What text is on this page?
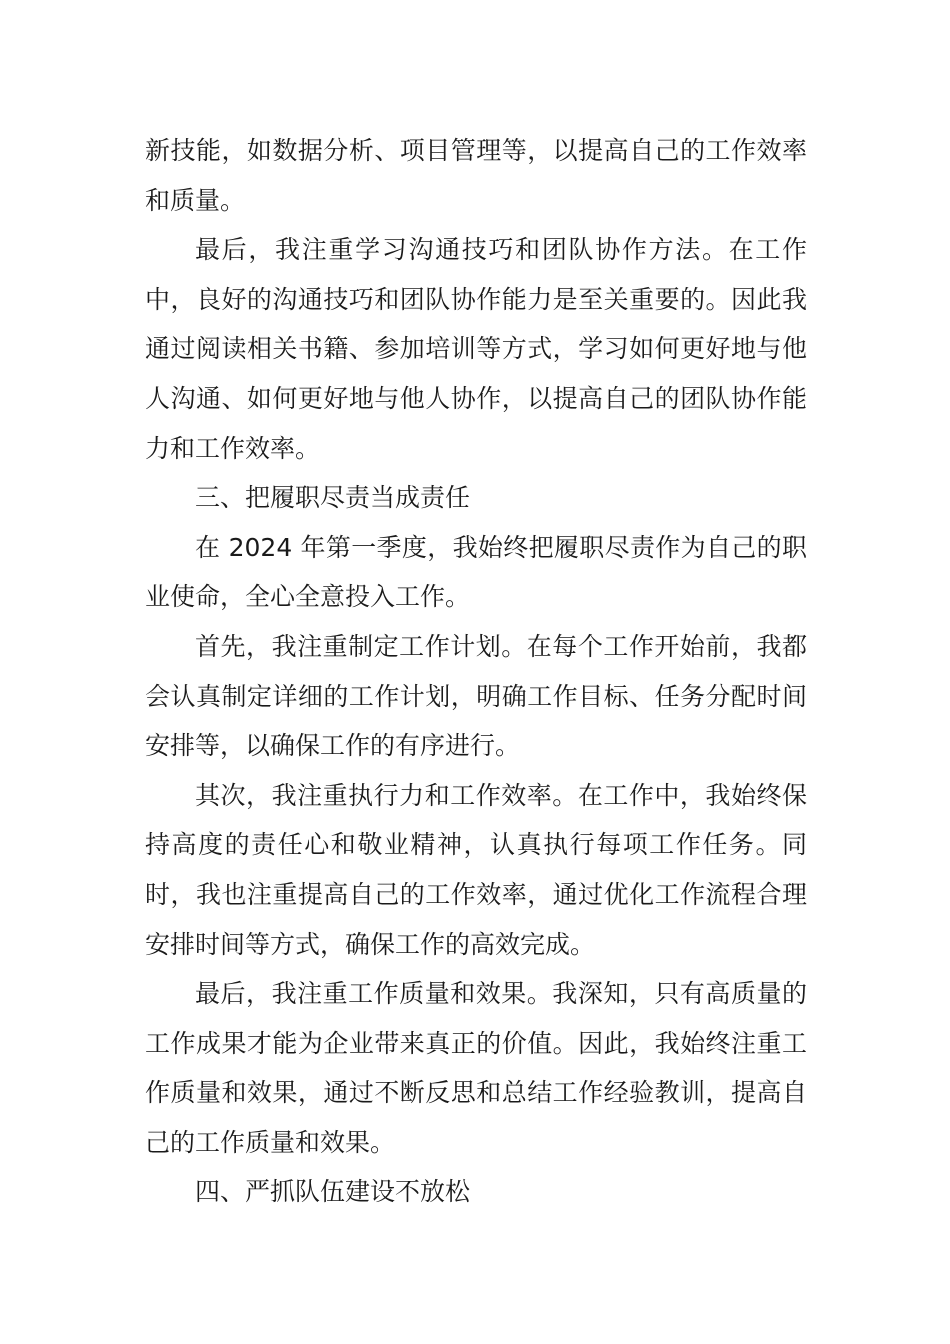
新技能，如数据分析、项目管理等，以提高自己的工作效率和质量。

最后，我注重学习沟通技巧和团队协作方法。在工作中，良好的沟通技巧和团队协作能力是至关重要的。因此我通过阅读相关书籍、参加培训等方式，学习如何更好地与他人沟通、如何更好地与他人协作，以提高自己的团队协作能力和工作效率。

三、把履职尽责当成责任

在 2024 年第一季度，我始终把履职尽责作为自己的职业使命，全心全意投入工作。

首先，我注重制定工作计划。在每个工作开始前，我都会认真制定详细的工作计划，明确工作目标、任务分配时间安排等，以确保工作的有序进行。

其次，我注重执行力和工作效率。在工作中，我始终保持高度的责任心和敬业精神，认真执行每项工作任务。同时，我也注重提高自己的工作效率，通过优化工作流程合理安排时间等方式，确保工作的高效完成。

最后，我注重工作质量和效果。我深知，只有高质量的工作成果才能为企业带来真正的价值。因此，我始终注重工作质量和效果，通过不断反思和总结工作经验教训，提高自己的工作质量和效果。

四、严抓队伍建设不放松
